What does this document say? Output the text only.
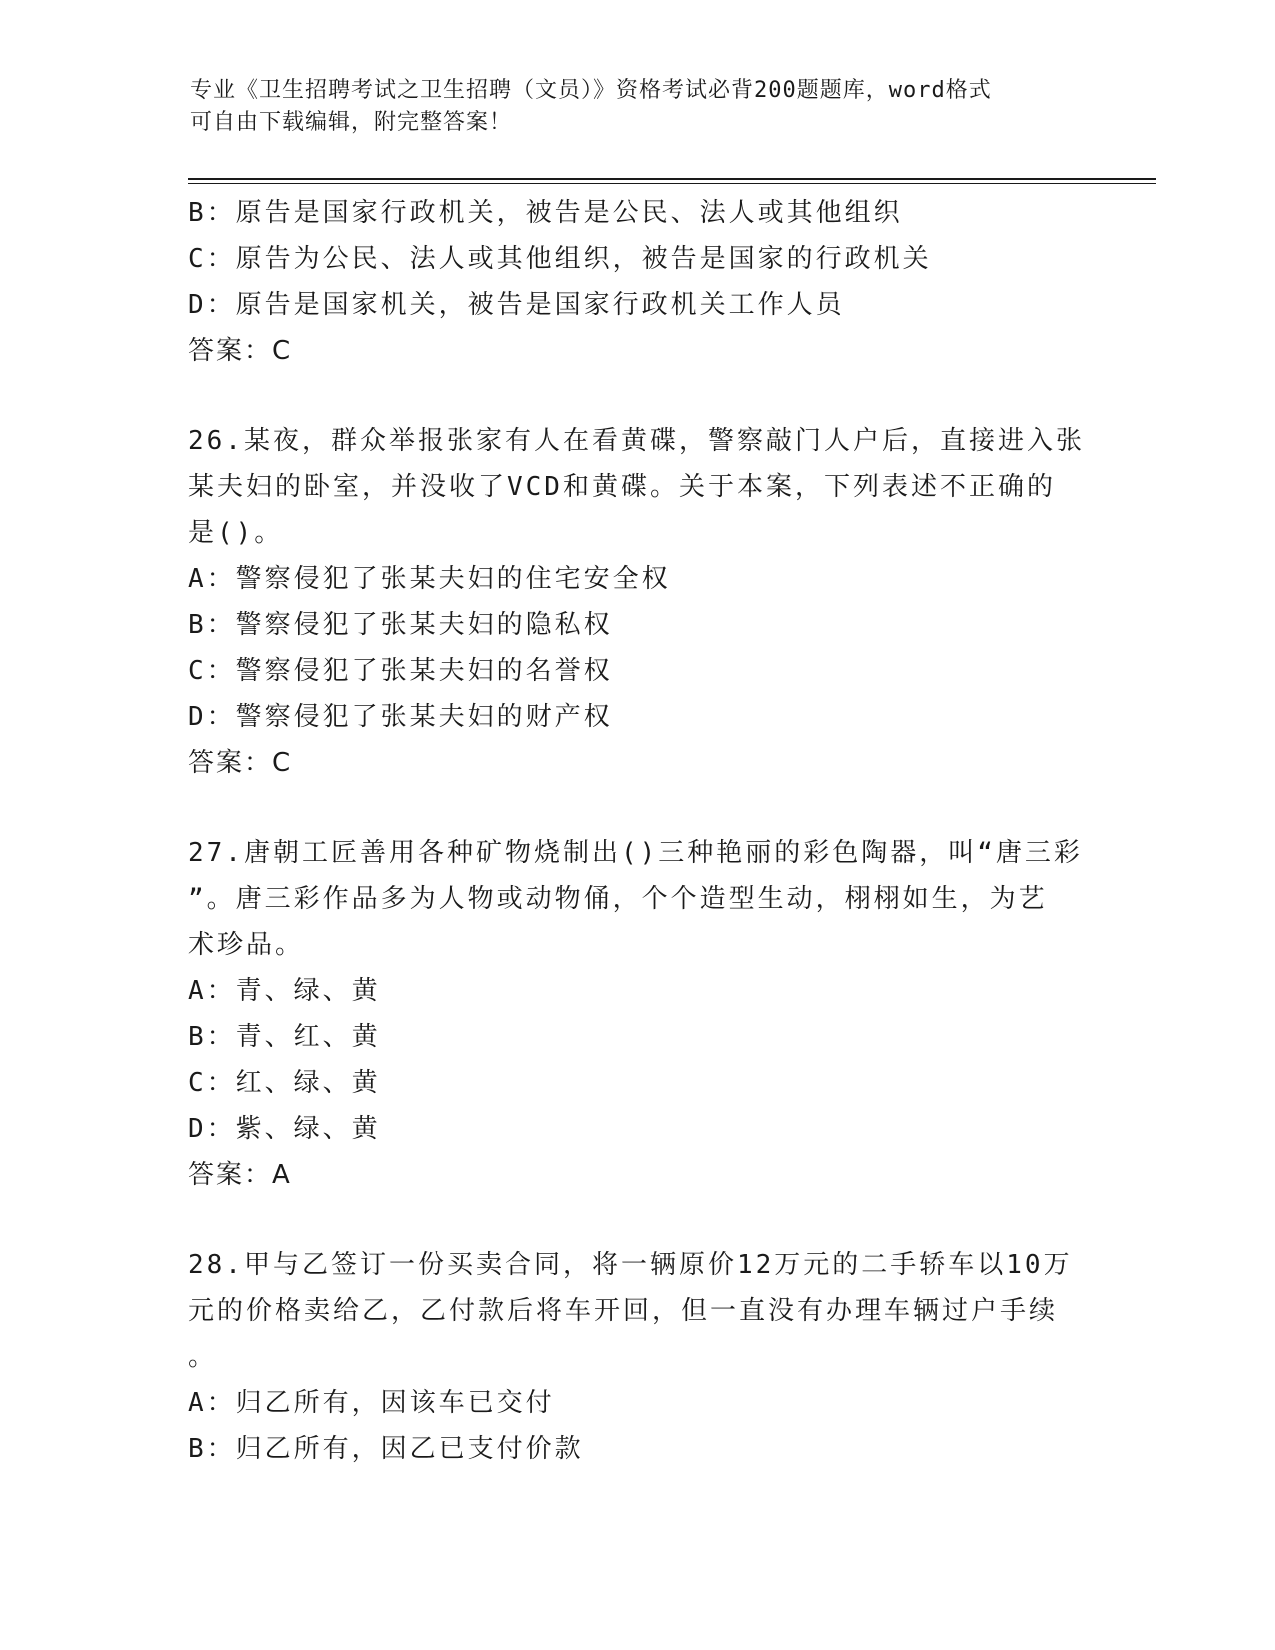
专业《卫生招聘考试之卫生招聘（文员）》资格考试必背200题题库，word格式
可自由下载编辑，附完整答案！
B：原告是国家行政机关，被告是公民、法人或其他组织
C：原告为公民、法人或其他组织，被告是国家的行政机关
D：原告是国家机关，被告是国家行政机关工作人员
答案：C
26.某夜，群众举报张家有人在看黄碟，警察敲门人户后，直接进入张
某夫妇的卧室，并没收了VCD和黄碟。关于本案，下列表述不正确的
是()。
A：警察侵犯了张某夫妇的住宅安全权
B：警察侵犯了张某夫妇的隐私权
C：警察侵犯了张某夫妇的名誉权
D：警察侵犯了张某夫妇的财产权
答案：C
27.唐朝工匠善用各种矿物烧制出()三种艳丽的彩色陶器，叫“唐三彩
”。唐三彩作品多为人物或动物俑，个个造型生动，栩栩如生，为艺
术珍品。
A：青、绿、黄
B：青、红、黄
C：红、绿、黄
D：紫、绿、黄
答案：A
28.甲与乙签订一份买卖合同，将一辆原价12万元的二手轿车以10万
元的价格卖给乙，乙付款后将车开回，但一直没有办理车辆过户手续
。
A：归乙所有，因该车已交付
B：归乙所有，因乙已支付价款
